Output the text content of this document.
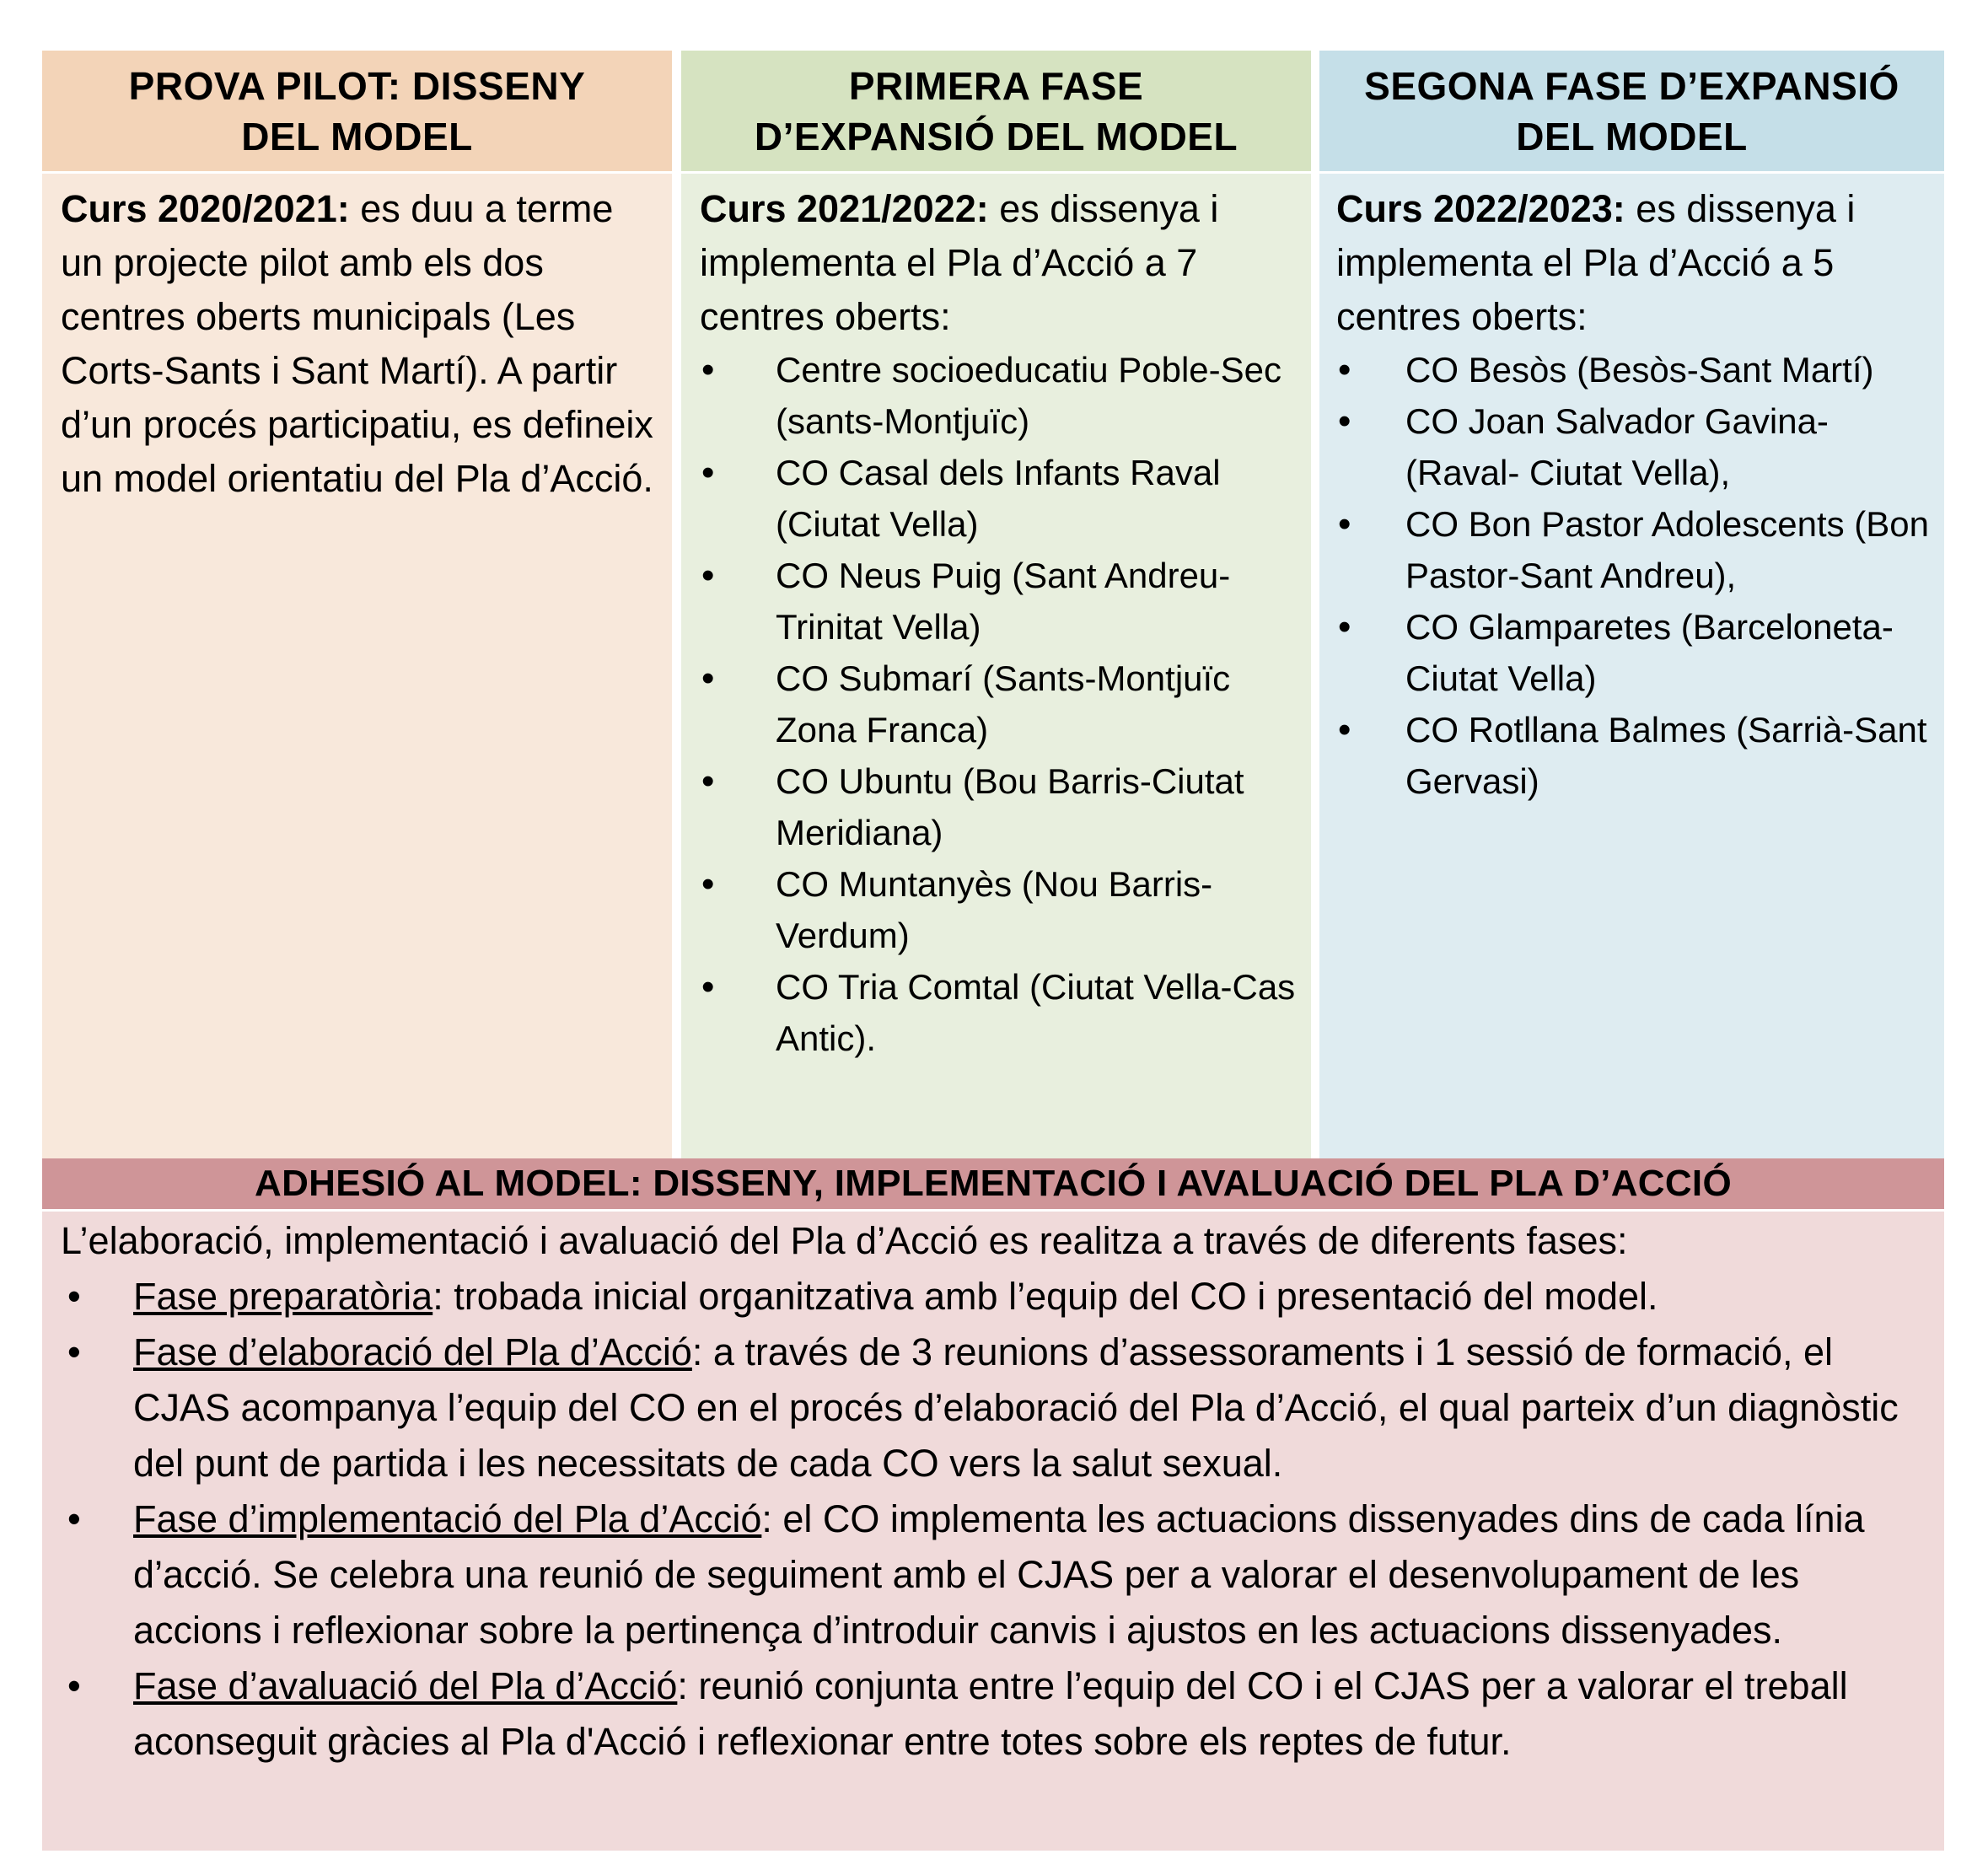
PROVA PILOT: DISSENY
DEL MODEL
Curs 2020/2021: es duu a terme un projecte pilot amb els dos centres oberts municipals (Les Corts-Sants i Sant Martí). A partir d’un procés participatiu, es defineix un model orientatiu del Pla d’Acció.
PRIMERA FASE
D’EXPANSIÓ DEL MODEL
Curs 2021/2022: es dissenya i implementa el Pla d’Acció a 7 centres oberts:
• Centre socioeducatiu Poble-Sec (sants-Montjuïc)
• CO Casal dels Infants Raval (Ciutat Vella)
• CO Neus Puig (Sant Andreu-Trinitat Vella)
• CO Submarí (Sants-Montjuïc Zona Franca)
• CO Ubuntu (Bou Barris-Ciutat Meridiana)
• CO Muntanyès (Nou Barris-Verdum)
• CO Tria Comtal (Ciutat Vella-Cas Antic).
SEGONA FASE D’EXPANSIÓ
DEL MODEL
Curs 2022/2023: es dissenya i implementa el Pla d’Acció a 5 centres oberts:
• CO Besòs (Besòs-Sant Martí)
• CO Joan Salvador Gavina-(Raval- Ciutat Vella),
• CO Bon Pastor Adolescents (Bon Pastor-Sant Andreu),
• CO Glamparetes (Barceloneta- Ciutat Vella)
• CO Rotllana Balmes (Sarrià-Sant Gervasi)
ADHESIÓ AL MODEL: DISSENY, IMPLEMENTACIÓ I AVALUACIÓ DEL PLA D’ACCIÓ
L’elaboració, implementació i avaluació del Pla d’Acció es realitza a través de diferents fases:
• Fase preparatòria: trobada inicial organitzativa amb l’equip del CO i presentació del model.
• Fase d’elaboració del Pla d’Acció: a través de 3 reunions d’assessoraments i 1 sessió de formació, el CJAS acompanya l’equip del CO en el procés d’elaboració del Pla d’Acció, el qual parteix d’un diagnòstic del punt de partida i les necessitats de cada CO vers la salut sexual.
• Fase d’implementació del Pla d’Acció: el CO implementa les actuacions dissenyades dins de cada línia d’acció. Se celebra una reunió de seguiment amb el CJAS per a valorar el desenvolupament de les accions i reflexionar sobre la pertinença d’introduir canvis i ajustos en les actuacions dissenyades.
• Fase d’avaluació del Pla d’Acció: reunió conjunta entre l’equip del CO i el CJAS per a valorar el treball aconseguit gràcies al Pla d'Acció i reflexionar entre totes sobre els reptes de futur.
